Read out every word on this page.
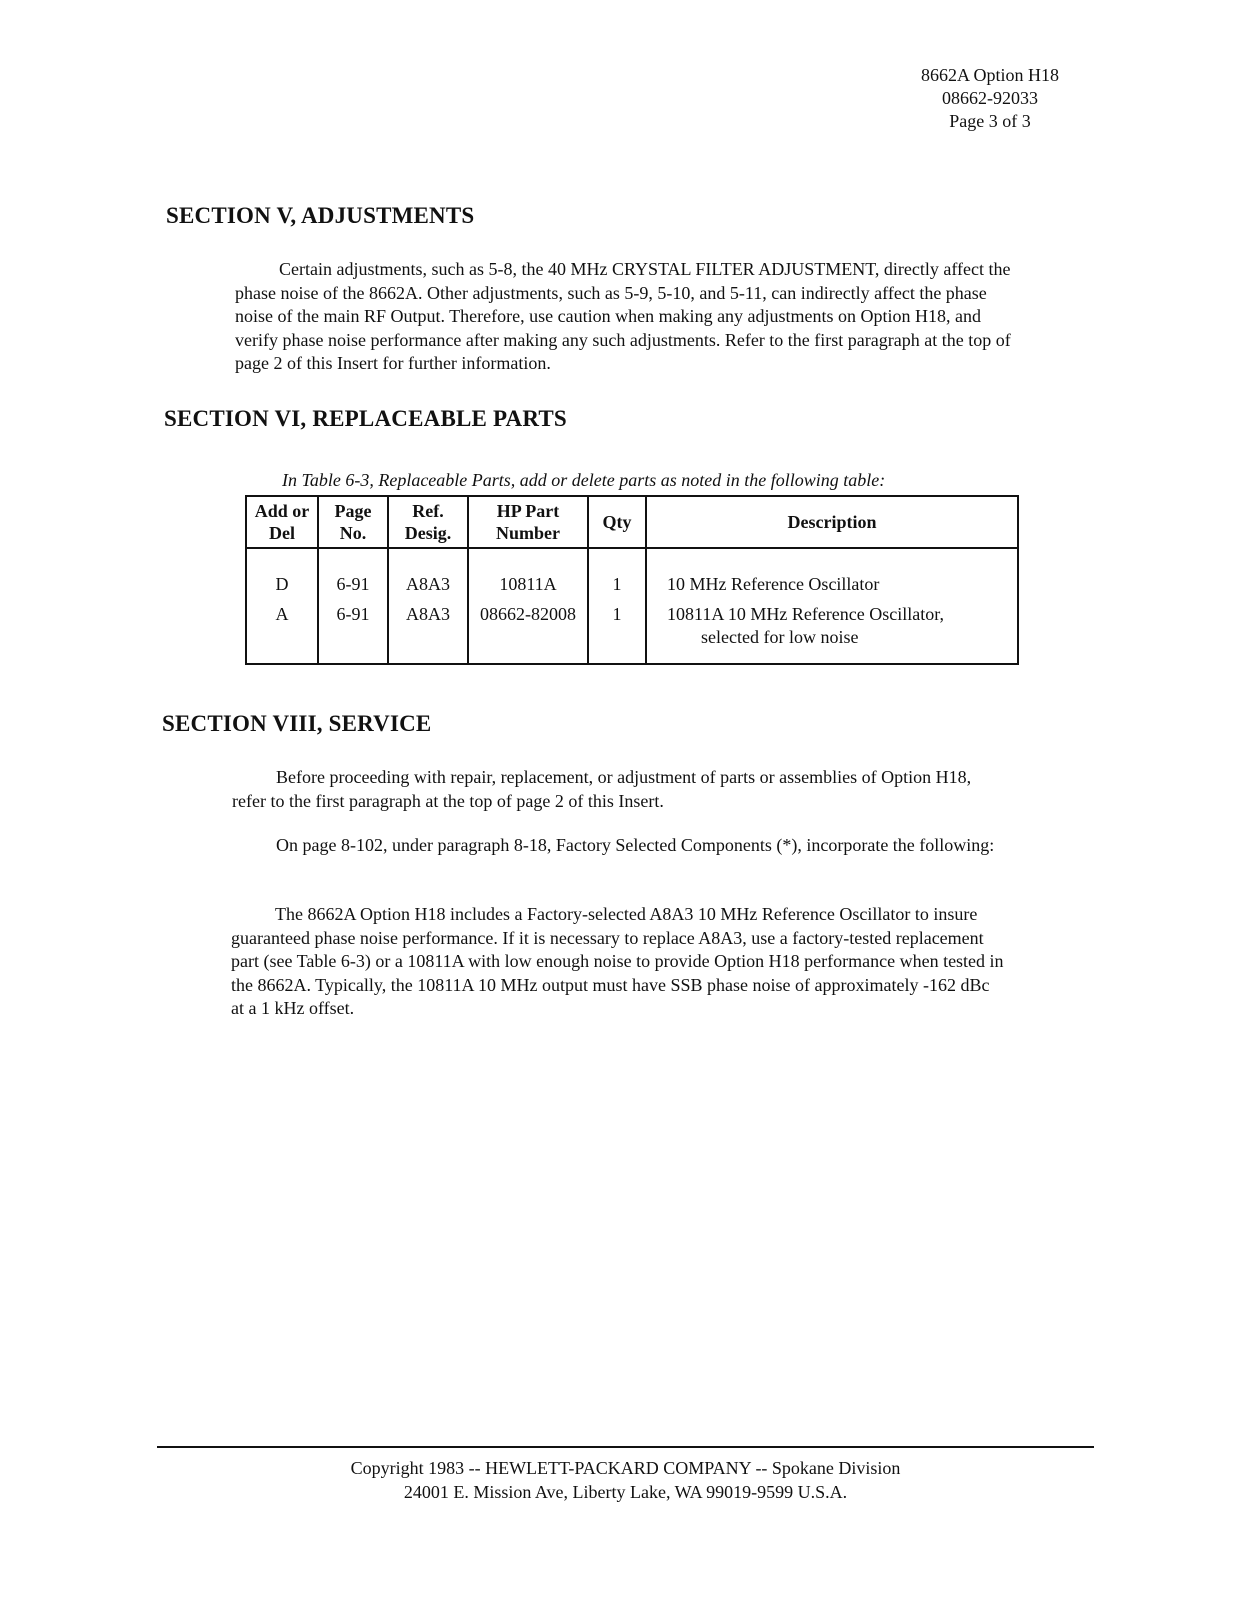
8662A Option H18
08662-92033
Page 3 of 3
SECTION V, ADJUSTMENTS
Certain adjustments, such as 5-8, the 40 MHz CRYSTAL FILTER ADJUSTMENT, directly affect the phase noise of the 8662A. Other adjustments, such as 5-9, 5-10, and 5-11, can indirectly affect the phase noise of the main RF Output. Therefore, use caution when making any adjustments on Option H18, and verify phase noise performance after making any such adjustments. Refer to the first paragraph at the top of page 2 of this Insert for further information.
SECTION VI, REPLACEABLE PARTS
In Table 6-3, Replaceable Parts, add or delete parts as noted in the following table:
Add or Del	Page No.	Ref. Desig.	HP Part Number	Qty	Description

D	6-91	A8A3	10811A	1	10 MHz Reference Oscillator
A	6-91	A8A3	08662-82008	1	10811A 10 MHz Reference Oscillator,
selected for low noise
SECTION VIII, SERVICE
Before proceeding with repair, replacement, or adjustment of parts or assemblies of Option H18, refer to the first paragraph at the top of page 2 of this Insert.
On page 8-102, under paragraph 8-18, Factory Selected Components (*), incorporate the following:
The 8662A Option H18 includes a Factory-selected A8A3 10 MHz Reference Oscillator to insure guaranteed phase noise performance. If it is necessary to replace A8A3, use a factory-tested replacement part (see Table 6-3) or a 10811A with low enough noise to provide Option H18 performance when tested in the 8662A. Typically, the 10811A 10 MHz output must have SSB phase noise of approximately -162 dBc at a 1 kHz offset.
Copyright 1983 -- HEWLETT-PACKARD COMPANY -- Spokane Division
24001 E. Mission Ave, Liberty Lake, WA 99019-9599 U.S.A.
